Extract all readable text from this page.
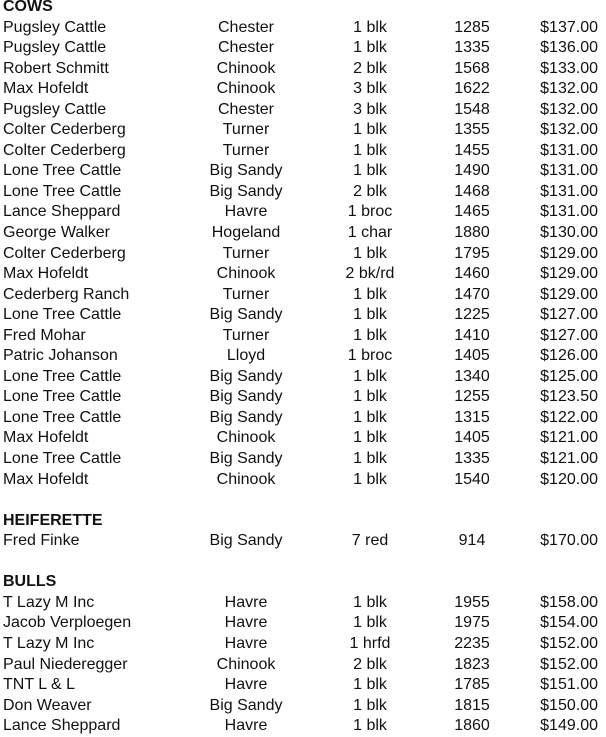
COWS
Pugsley Cattle	Chester	1 blk	1285	$137.00
Pugsley Cattle	Chester	1 blk	1335	$136.00
Robert Schmitt	Chinook	2 blk	1568	$133.00
Max Hofeldt	Chinook	3 blk	1622	$132.00
Pugsley Cattle	Chester	3 blk	1548	$132.00
Colter Cederberg	Turner	1 blk	1355	$132.00
Colter Cederberg	Turner	1 blk	1455	$131.00
Lone Tree Cattle	Big Sandy	1 blk	1490	$131.00
Lone Tree Cattle	Big Sandy	2 blk	1468	$131.00
Lance Sheppard	Havre	1 broc	1465	$131.00
George Walker	Hogeland	1 char	1880	$130.00
Colter Cederberg	Turner	1 blk	1795	$129.00
Max Hofeldt	Chinook	2 bk/rd	1460	$129.00
Cederberg Ranch	Turner	1 blk	1470	$129.00
Lone Tree Cattle	Big Sandy	1 blk	1225	$127.00
Fred Mohar	Turner	1 blk	1410	$127.00
Patric Johanson	Lloyd	1 broc	1405	$126.00
Lone Tree Cattle	Big Sandy	1 blk	1340	$125.00
Lone Tree Cattle	Big Sandy	1 blk	1255	$123.50
Lone Tree Cattle	Big Sandy	1 blk	1315	$122.00
Max Hofeldt	Chinook	1 blk	1405	$121.00
Lone Tree Cattle	Big Sandy	1 blk	1335	$121.00
Max Hofeldt	Chinook	1 blk	1540	$120.00
HEIFERETTE
Fred Finke	Big Sandy	7 red	914	$170.00
BULLS
T Lazy M Inc	Havre	1 blk	1955	$158.00
Jacob Verploegen	Havre	1 blk	1975	$154.00
T Lazy M Inc	Havre	1 hrfd	2235	$152.00
Paul Niederegger	Chinook	2 blk	1823	$152.00
TNT L & L	Havre	1 blk	1785	$151.00
Don Weaver	Big Sandy	1 blk	1815	$150.00
Lance Sheppard	Havre	1 blk	1860	$149.00
